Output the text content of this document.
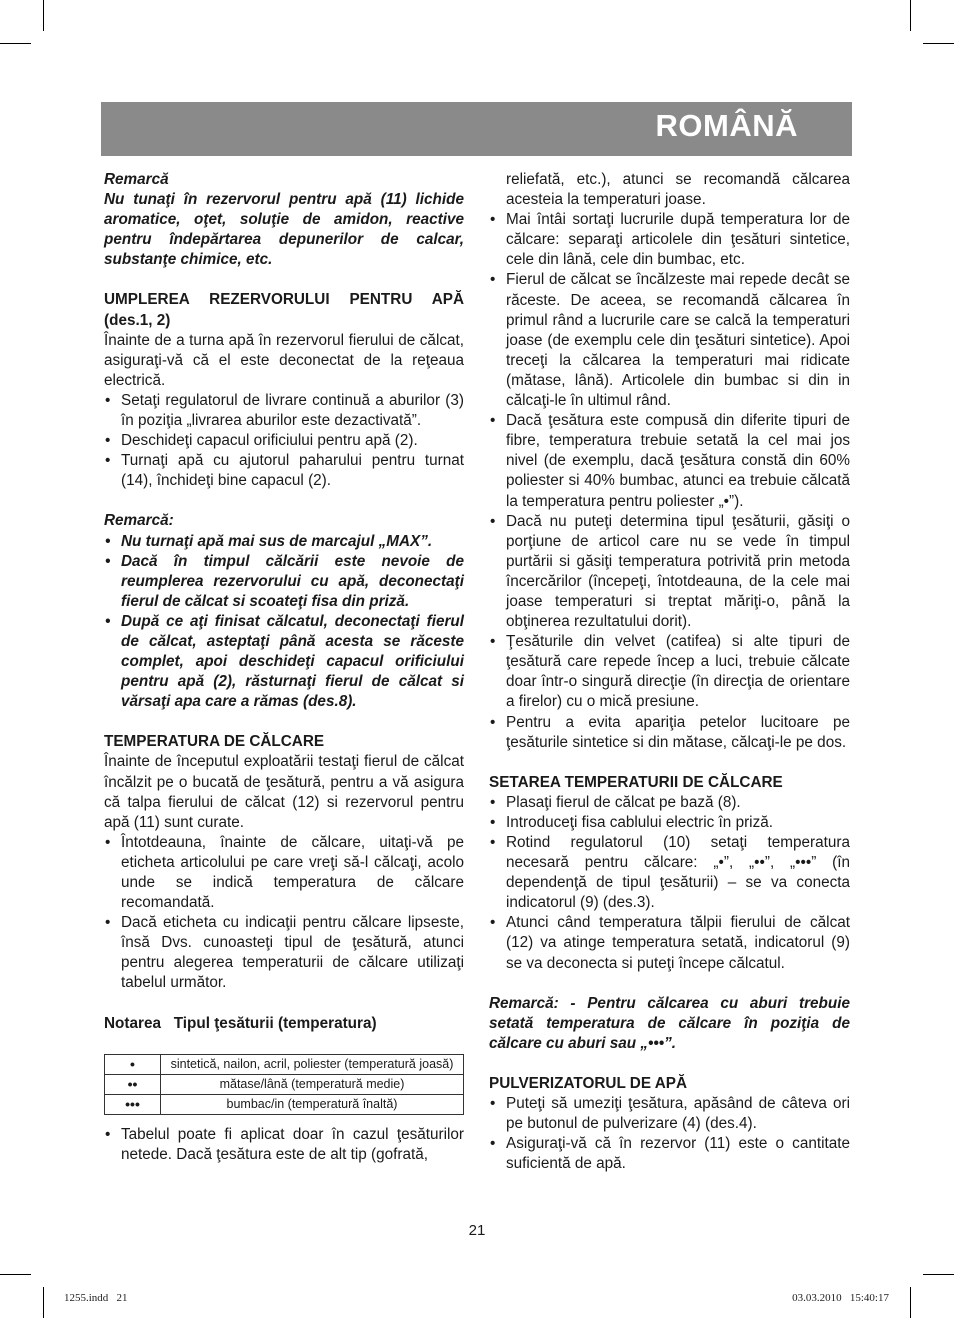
ROMÂNĂ

Remarcă

Nu tunaţi în rezervorul pentru apă (11) lichide aromatice, oţet, soluţie de amidon, reactive pentru îndepărtarea depunerilor de calcar, substanţe chimice, etc.

UMPLEREA REZERVORULUI PENTRU APĂ (des.1, 2)

Înainte de a turna apă în rezervorul fierului de călcat, asiguraţi-vă că el este deconectat de la reţeaua electrică.

• Setaţi regulatorul de livrare continuă a aburilor (3) în poziţia „livrarea aburilor este dezactivată”.
• Deschideţi capacul orificiului pentru apă (2).
• Turnaţi apă cu ajutorul paharului pentru turnat (14), închideţi bine capacul (2).

Remarcă:

• Nu turnaţi apă mai sus de marcajul „MAX”.
• Dacă în timpul călcării este nevoie de reumplerea rezervorului cu apă, deconectaţi fierul de călcat si scoateţi fisa din priză.
• După ce aţi finisat călcatul, deconectaţi fierul de călcat, asteptaţi până acesta se răceste complet, apoi deschideţi capacul orificiului pentru apă (2), răsturnaţi fierul de călcat si vărsaţi apa care a rămas (des.8).

TEMPERATURA DE CĂLCARE

Înainte de începutul exploatării testaţi fierul de călcat încălzit pe o bucată de ţesătură, pentru a vă asigura că talpa fierului de călcat (12) si rezervorul pentru apă (11) sunt curate.

• Întotdeauna, înainte de călcare, uitaţi-vă pe eticheta articolului pe care vreţi să-l călcaţi, acolo unde se indică temperatura de călcare recomandată.
• Dacă eticheta cu indicaţii pentru călcare lipseste, însă Dvs. cunoasteţi tipul de ţesătură, atunci pentru alegerea temperaturii de călcare utilizaţi tabelul următor.

Notarea   Tipul ţesăturii (temperatura)

•	sintetică, nailon, acril, poliester (temperatură joasă)
••	mătase/lână (temperatură medie)
•••	bumbac/in (temperatură înaltă)
• Tabelul poate fi aplicat doar în cazul ţesăturilor netede. Dacă ţesătura este de alt tip (gofrată,

reliefată, etc.), atunci se recomandă călcarea acesteia la temperaturi joase.

• Mai întâi sortaţi lucrurile după temperatura lor de călcare: separaţi articolele din ţesături sintetice, cele din lână, cele din bumbac, etc.
• Fierul de călcat se încălzeste mai repede decât se răceste. De aceea, se recomandă călcarea în primul rând a lucrurile care se calcă la temperaturi joase (de exemplu cele din ţesături sintetice). Apoi treceţi la călcarea la temperaturi mai ridicate (mătase, lână). Articolele din bumbac si din in călcaţi-le în ultimul rând.
• Dacă ţesătura este compusă din diferite tipuri de fibre, temperatura trebuie setată la cel mai jos nivel (de exemplu, dacă ţesătura constă din 60% poliester si 40% bumbac, atunci ea trebuie călcată la temperatura pentru poliester „•”).
• Dacă nu puteţi determina tipul ţesăturii, găsiţi o porţiune de articol care nu se vede în timpul purtării si găsiţi temperatura potrivită prin metoda încercărilor (începeţi, întotdeauna, de la cele mai joase temperaturi si treptat măriţi-o, până la obţinerea rezultatului dorit).
• Ţesăturile din velvet (catifea) si alte tipuri de ţesătură care repede încep a luci, trebuie călcate doar într-o singură direcţie (în direcţia de orientare a firelor) cu o mică presiune.
• Pentru a evita apariţia petelor lucitoare pe ţesăturile sintetice si din mătase, călcaţi-le pe dos.

SETAREA TEMPERATURII DE CĂLCARE

• Plasaţi fierul de călcat pe bază (8).
• Introduceţi fisa cablului electric în priză.
• Rotind regulatorul (10) setaţi temperatura necesară pentru călcare: „•”, „••”, „•••” (în dependenţă de tipul ţesăturii) – se va conecta indicatorul (9) (des.3).
• Atunci când temperatura tălpii fierului de călcat (12) va atinge temperatura setată, indicatorul (9) se va deconecta si puteţi începe călcatul.

Remarcă: - Pentru călcarea cu aburi trebuie setată temperatura de călcare în poziţia de călcare cu aburi sau „•••”.

PULVERIZATORUL DE APĂ

• Puteţi să umeziţi ţesătura, apăsând de câteva ori pe butonul de pulverizare (4) (des.4).
• Asiguraţi-vă că în rezervor (11) este o cantitate suficientă de apă.
21
1255.indd   21	03.03.2010   15:40:17
